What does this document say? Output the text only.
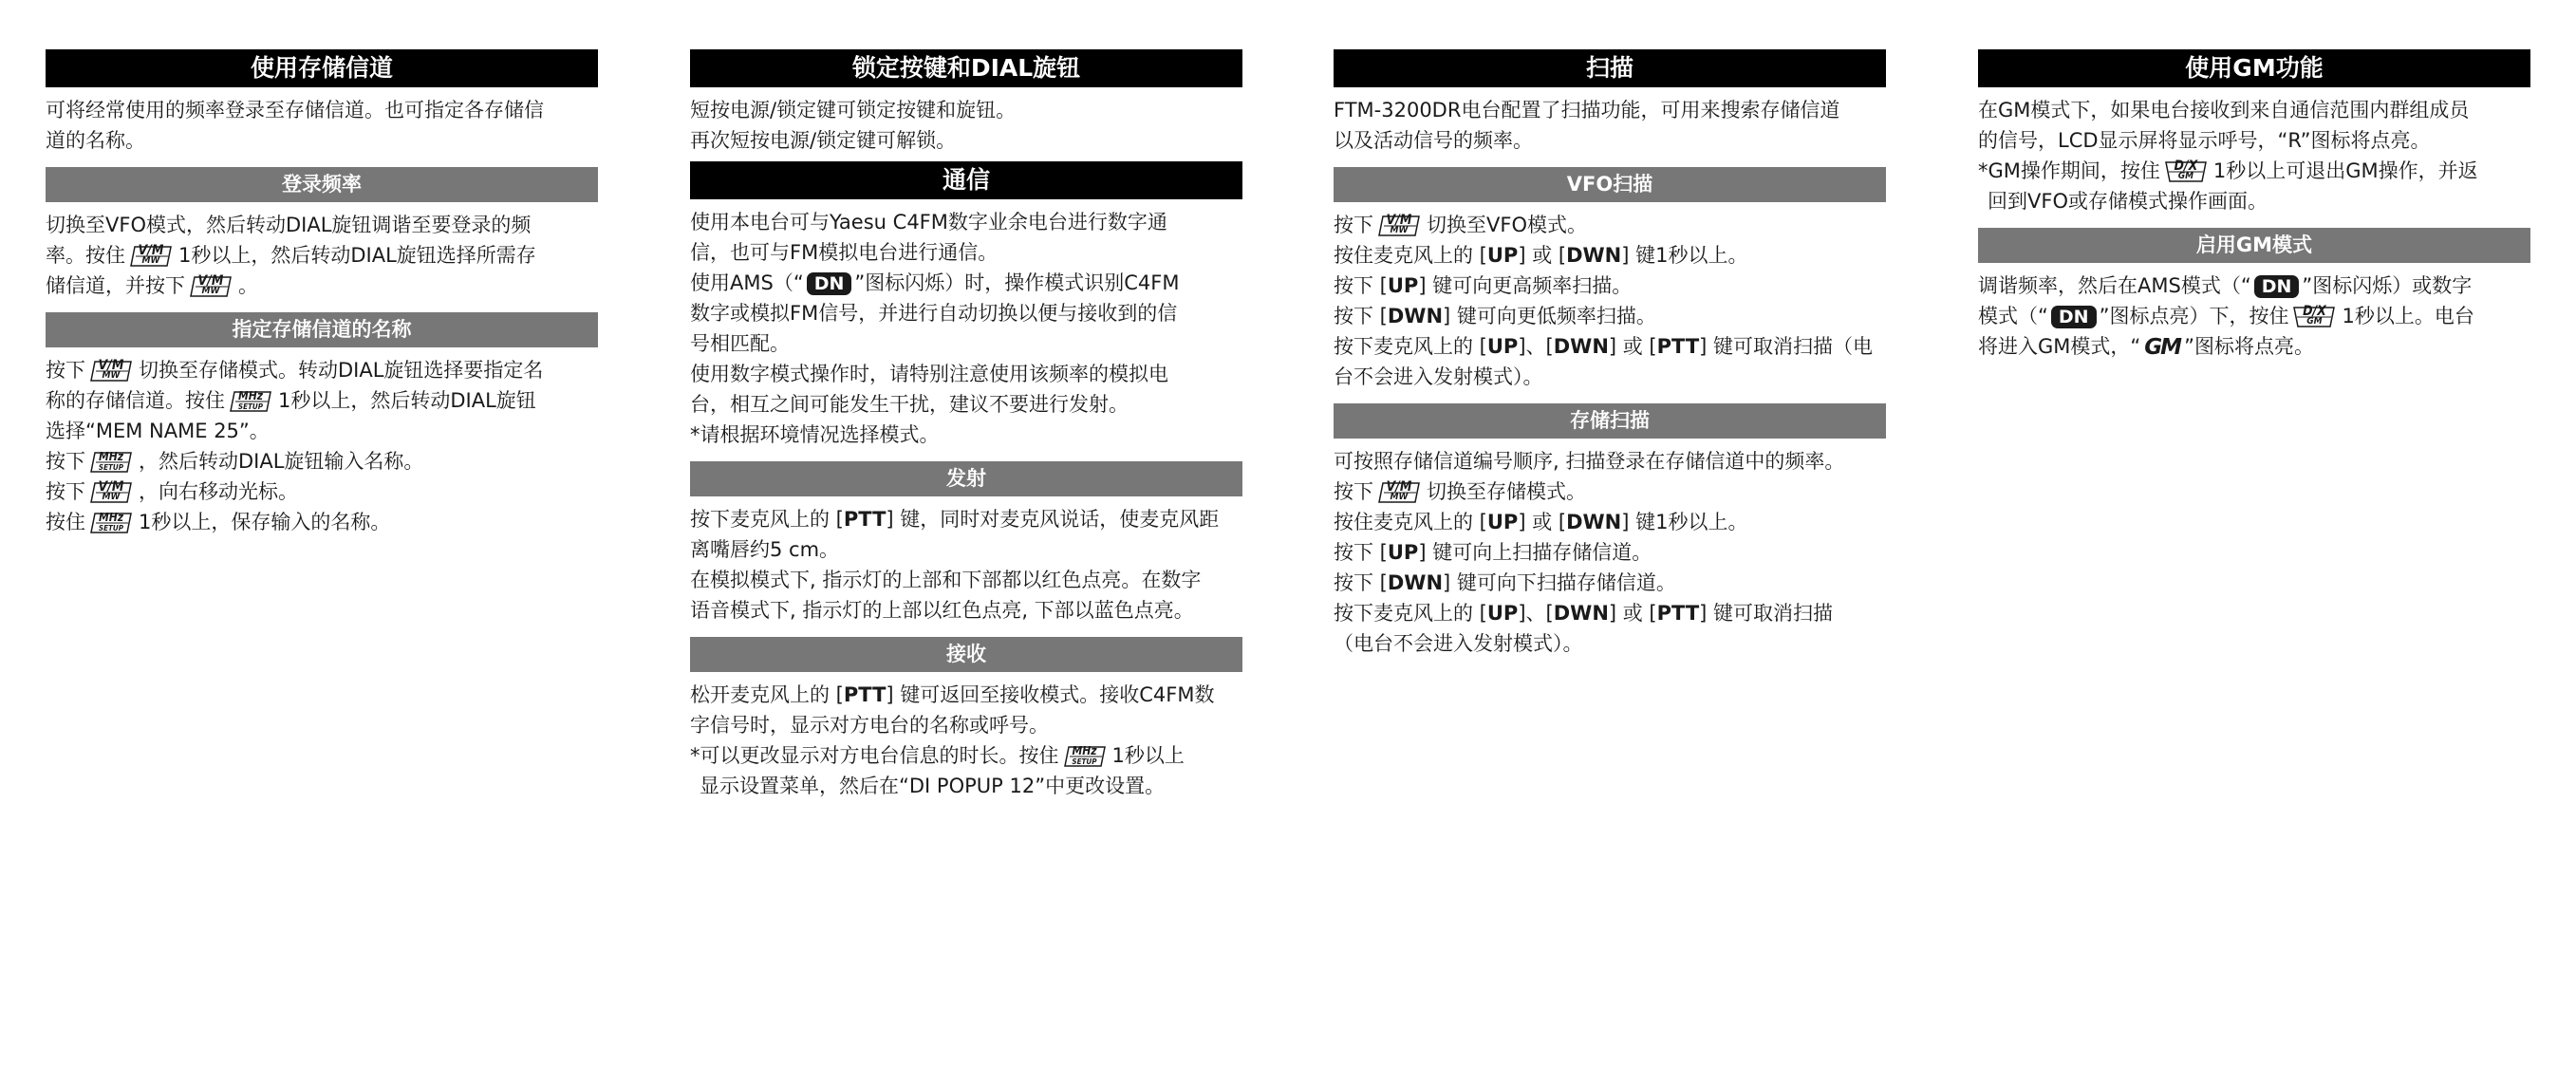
使用存储信道

可将经常使用的频率登录至存储信道。也可指定各存储信

道的名称。

登录频率

切换至VFO模式，然后转动DIAL旋钮调谐至要登录的频

率。按住 V/M
MW 1秒以上，然后转动DIAL旋钮选择所需存

储信道，并按下 V/M
MW 。

指定存储信道的名称

按下 V/M
MW 切换至存储模式。转动DIAL旋钮选择要指定名

称的存储信道。按住	MHz
SETUP 1秒以上，然后转动DIAL旋钮

选择“MEM NAME 25”。

按下	MHz
SETUP ，然后转动DIAL旋钮输入名称。

按下 V/M
MW ，向右移动光标。

按住	MHz
SETUP 1秒以上，保存输入的名称。

锁定按键和DIAL旋钮

短按电源/锁定键可锁定按键和旋钮。

再次短按电源/锁定键可解锁。

通信

使用本电台可与Yaesu C4FM数字业余电台进行数字通

信，也可与FM模拟电台进行通信。

使用AMS（“ DN ”图标闪烁）时，操作模式识别C4FM

数字或模拟FM信号，并进行自动切换以便与接收到的信

号相匹配。

使用数字模式操作时，请特别注意使用该频率的模拟电

台，相互之间可能发生干扰，建议不要进行发射。

*请根据环境情况选择模式。

发射

按下麦克风上的 [PTT] 键，同时对麦克风说话，使麦克风距

离嘴唇约5 cm。

在模拟模式下, 指示灯的上部和下部都以红色点亮。在数字

语音模式下, 指示灯的上部以红色点亮, 下部以蓝色点亮。

接收

松开麦克风上的 [PTT] 键可返回至接收模式。接收C4FM数

字信号时，显示对方电台的名称或呼号。

*可以更改显示对方电台信息的时长。按住	MHz
SETUP 1秒以上

显示设置菜单，然后在“DI POPUP 12”中更改设置。

扫描

FTM-3200DR电台配置了扫描功能，可用来搜索存储信道

以及活动信号的频率。

VFO扫描

按下 V/M
MW 切换至VFO模式。

按住麦克风上的 [UP] 或 [DWN] 键1秒以上。

按下 [UP] 键可向更高频率扫描。

按下 [DWN] 键可向更低频率扫描。

按下麦克风上的 [UP]、[DWN] 或 [PTT] 键可取消扫描（电

台不会进入发射模式）。

存储扫描

可按照存储信道编号顺序, 扫描登录在存储信道中的频率。

按下 V/M
MW 切换至存储模式。

按住麦克风上的 [UP] 或 [DWN] 键1秒以上。

按下 [UP] 键可向上扫描存储信道。

按下 [DWN] 键可向下扫描存储信道。

按下麦克风上的 [UP]、[DWN] 或 [PTT] 键可取消扫描

（电台不会进入发射模式）。

使用GM功能

在GM模式下，如果电台接收到来自通信范围内群组成员

的信号，LCD显示屏将显示呼号，“R”图标将点亮。

*GM操作期间，按住	D/X
GM 1秒以上可退出GM操作，并返

回到VFO或存储模式操作画面。

启用GM模式

调谐频率，然后在AMS模式（“ DN ”图标闪烁）或数字

模式（“ DN ”图标点亮）下，按住	D/X
GM 1秒以上。电台

将进入GM模式，“ GM ”图标将点亮。
